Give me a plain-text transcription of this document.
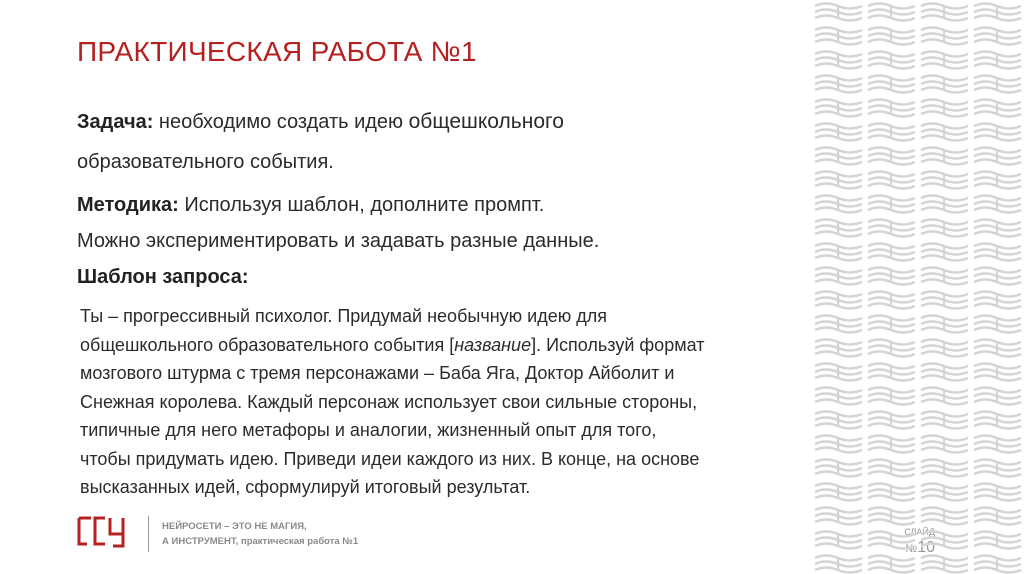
ПРАКТИЧЕСКАЯ РАБОТА №1
Задача: необходимо создать идею общешкольного
образовательного события.
Методика: Используя шаблон, дополните промпт.
Можно экспериментировать и задавать разные данные.
Шаблон запроса:
Ты – прогрессивный психолог. Придумай необычную идею для
общешкольного образовательного события [название]. Используй формат
мозгового штурма с тремя персонажами – Баба Яга, Доктор Айболит и
Снежная королева. Каждый персонаж использует свои сильные стороны,
типичные для него метафоры и аналогии, жизненный опыт для того,
чтобы придумать идею. Приведи идеи каждого из них. В конце, на основе
высказанных идей, сформулируй итоговый результат.
НЕЙРОСЕТИ – ЭТО НЕ МАГИЯ,
А ИНСТРУМЕНТ, практическая работа №1
